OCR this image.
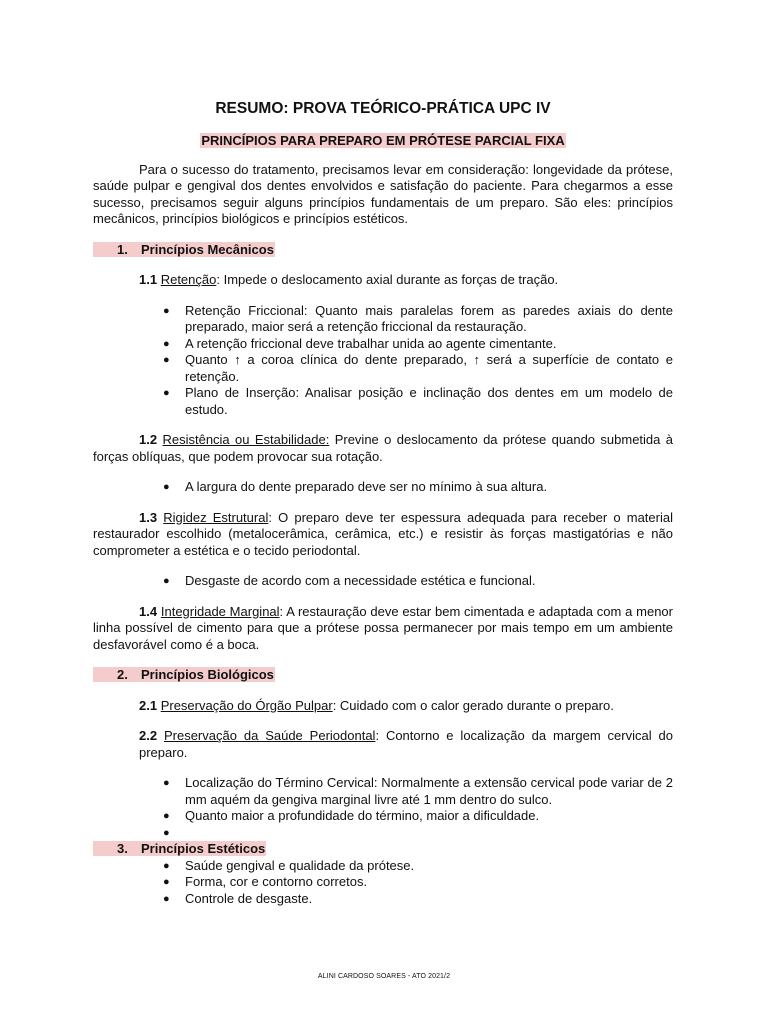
RESUMO: PROVA TEÓRICO-PRÁTICA UPC IV
PRINCÍPIOS PARA PREPARO EM PRÓTESE PARCIAL FIXA

Para o sucesso do tratamento, precisamos levar em consideração: longevidade da prótese, saúde pulpar e gengival dos dentes envolvidos e satisfação do paciente. Para chegarmos a esse sucesso, precisamos seguir alguns princípios fundamentais de um preparo. São eles: princípios mecânicos, princípios biológicos e princípios estéticos.

1. Princípios Mecânicos

1.1 Retenção: Impede o deslocamento axial durante as forças de tração.

● Retenção Friccional: Quanto mais paralelas forem as paredes axiais do dente preparado, maior será a retenção friccional da restauração.
● A retenção friccional deve trabalhar unida ao agente cimentante.
● Quanto ↑ a coroa clínica do dente preparado, ↑ será a superfície de contato e retenção.
● Plano de Inserção: Analisar posição e inclinação dos dentes em um modelo de estudo.

1.2 Resistência ou Estabilidade: Previne o deslocamento da prótese quando submetida à forças oblíquas, que podem provocar sua rotação.

● A largura do dente preparado deve ser no mínimo à sua altura.

1.3 Rigidez Estrutural: O preparo deve ter espessura adequada para receber o material restaurador escolhido (metalocerâmica, cerâmica, etc.) e resistir às forças mastigatórias e não comprometer a estética e o tecido periodontal.

● Desgaste de acordo com a necessidade estética e funcional.

1.4 Integridade Marginal: A restauração deve estar bem cimentada e adaptada com a menor linha possível de cimento para que a prótese possa permanecer por mais tempo em um ambiente desfavorável como é a boca.

2. Princípios Biológicos

2.1 Preservação do Órgão Pulpar: Cuidado com o calor gerado durante o preparo.

2.2 Preservação da Saúde Periodontal: Contorno e localização da margem cervical do preparo.

● Localização do Término Cervical: Normalmente a extensão cervical pode variar de 2 mm aquém da gengiva marginal livre até 1 mm dentro do sulco.
● Quanto maior a profundidade do término, maior a dificuldade.
●
3. Princípios Estéticos
● Saúde gengival e qualidade da prótese.
● Forma, cor e contorno corretos.
● Controle de desgaste.
ALINI CARDOSO SOARES - ATO 2021/2
